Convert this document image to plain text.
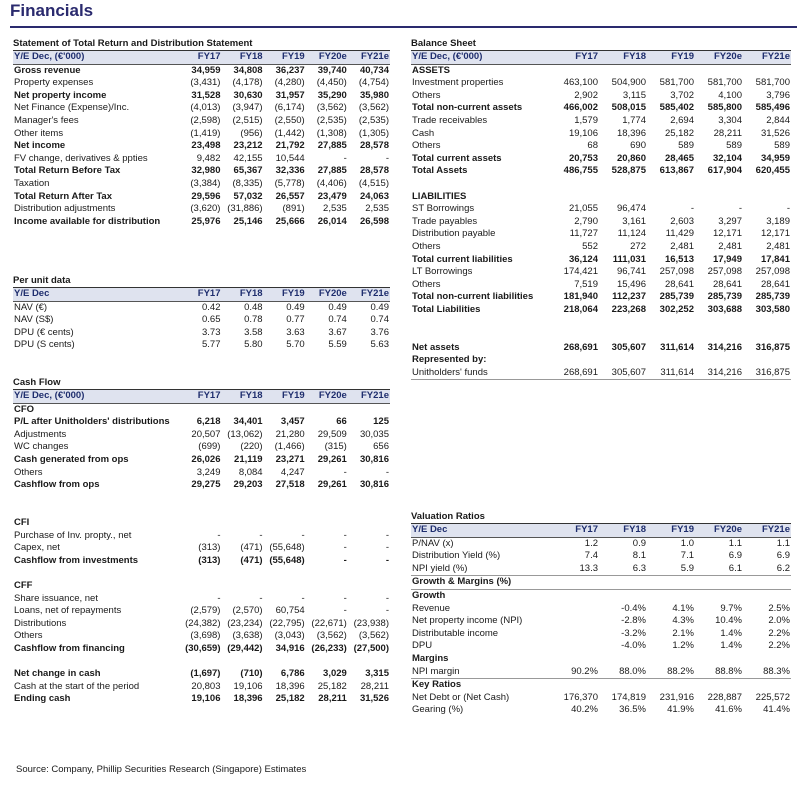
Financials
Statement of Total Return and Distribution Statement
Y/E Dec, (€'000)	FY17	FY18	FY19	FY20e	FY21e
Gross revenue	34,959	34,808	36,237	39,740	40,734
Property expenses	(3,431)	(4,178)	(4,280)	(4,450)	(4,754)
Net property income	31,528	30,630	31,957	35,290	35,980
Net Finance (Expense)/Inc.	(4,013)	(3,947)	(6,174)	(3,562)	(3,562)
Manager's fees	(2,598)	(2,515)	(2,550)	(2,535)	(2,535)
Other items	(1,419)	(956)	(1,442)	(1,308)	(1,305)
Net income	23,498	23,212	21,792	27,885	28,578
FV change, derivatives & ppties	9,482	42,155	10,544	-	-
Total Return Before Tax	32,980	65,367	32,336	27,885	28,578
Taxation	(3,384)	(8,335)	(5,778)	(4,406)	(4,515)
Total Return After Tax	29,596	57,032	26,557	23,479	24,063
Distribution adjustments	(3,620)	(31,886)	(891)	2,535	2,535
Income available for distribution	25,976	25,146	25,666	26,014	26,598
Per unit data
Y/E Dec	FY17	FY18	FY19	FY20e	FY21e
NAV (€)	0.42	0.48	0.49	0.49	0.49
NAV (S$)	0.65	0.78	0.77	0.74	0.74
DPU (€ cents)	3.73	3.58	3.63	3.67	3.76
DPU (S cents)	5.77	5.80	5.70	5.59	5.63
Cash Flow
Y/E Dec, (€'000)	FY17	FY18	FY19	FY20e	FY21e
CFO					
P/L after Unitholders' distributions	6,218	34,401	3,457	66	125
Adjustments	20,507	(13,062)	21,280	29,509	30,035
WC changes	(699)	(220)	(1,466)	(315)	656
Cash generated from ops	26,026	21,119	23,271	29,261	30,816
Others	3,249	8,084	4,247	-	-
Cashflow from ops	29,275	29,203	27,518	29,261	30,816

CFI					
Purchase of Inv. propty., net	-	-	-	-	-
Capex, net	(313)	(471)	(55,648)	-	-
Cashflow from investments	(313)	(471)	(55,648)	-	-

CFF					
Share issuance, net	-	-	-	-	-
Loans, net of repayments	(2,579)	(2,570)	60,754	-	-
Distributions	(24,382)	(23,234)	(22,795)	(22,671)	(23,938)
Others	(3,698)	(3,638)	(3,043)	(3,562)	(3,562)
Cashflow from financing	(30,659)	(29,442)	34,916	(26,233)	(27,500)

Net change in cash	(1,697)	(710)	6,786	3,029	3,315
Cash at the start of the period	20,803	19,106	18,396	25,182	28,211
Ending cash	19,106	18,396	25,182	28,211	31,526
Balance Sheet
Y/E Dec, (€'000)	FY17	FY18	FY19	FY20e	FY21e
ASSETS					
Investment properties	463,100	504,900	581,700	581,700	581,700
Others	2,902	3,115	3,702	4,100	3,796
Total non-current assets	466,002	508,015	585,402	585,800	585,496
Trade receivables	1,579	1,774	2,694	3,304	2,844
Cash	19,106	18,396	25,182	28,211	31,526
Others	68	690	589	589	589
Total current assets	20,753	20,860	28,465	32,104	34,959
Total Assets	486,755	528,875	613,867	617,904	620,455

LIABILITIES					
ST Borrowings	21,055	96,474	-	-	-
Trade payables	2,790	3,161	2,603	3,297	3,189
Distribution payable	11,727	11,124	11,429	12,171	12,171
Others	552	272	2,481	2,481	2,481
Total current liabilities	36,124	111,031	16,513	17,949	17,841
LT Borrowings	174,421	96,741	257,098	257,098	257,098
Others	7,519	15,496	28,641	28,641	28,641
Total non-current liabilities	181,940	112,237	285,739	285,739	285,739
Total Liabilities	218,064	223,268	302,252	303,688	303,580

Net assets	268,691	305,607	311,614	314,216	316,875
Represented by:					
Unitholders' funds	268,691	305,607	311,614	314,216	316,875
Valuation Ratios
Y/E Dec	FY17	FY18	FY19	FY20e	FY21e
P/NAV (x)	1.2	0.9	1.0	1.1	1.1
Distribution Yield (%)	7.4	8.1	7.1	6.9	6.9
NPI yield (%)	13.3	6.3	5.9	6.1	6.2
Growth & Margins (%)					
Growth					
Revenue		-0.4%	4.1%	9.7%	2.5%
Net property income (NPI)		-2.8%	4.3%	10.4%	2.0%
Distributable income		-3.2%	2.1%	1.4%	2.2%
DPU		-4.0%	1.2%	1.4%	2.2%
Margins					
NPI margin	90.2%	88.0%	88.2%	88.8%	88.3%
Key Ratios					
Net Debt or (Net Cash)	176,370	174,819	231,916	228,887	225,572
Gearing (%)	40.2%	36.5%	41.9%	41.6%	41.4%
Source: Company, Phillip Securities Research (Singapore) Estimates
